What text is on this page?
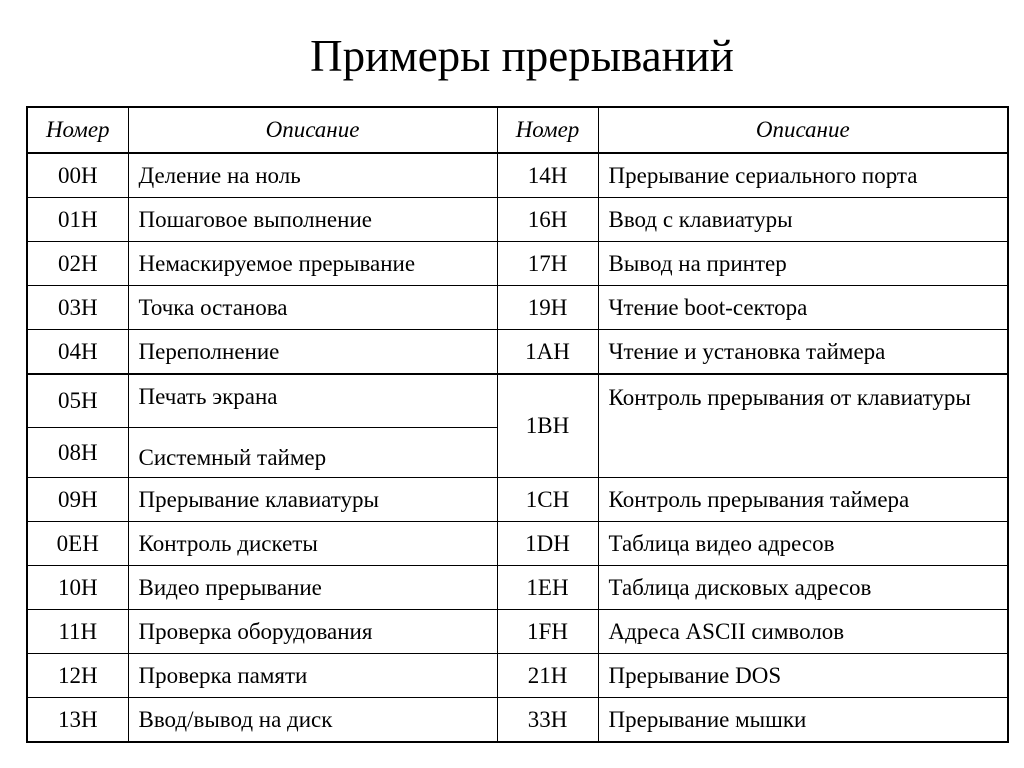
Примеры прерываний
Номер	Описание	Номер	Описание
00H	Деление на ноль	14H	Прерывание сериального порта
01H	Пошаговое выполнение	16H	Ввод с клавиатуры
02H	Немаскируемое прерывание	17H	Вывод на принтер
03H	Точка останова	19H	Чтение boot-сектора
04H	Переполнение	1AH	Чтение и установка таймера
05H	Печать экрана	1BH	Контроль прерывания от клавиатуры
08H	Системный таймер		
09H	Прерывание клавиатуры	1CH	Контроль прерывания таймера
0EH	Контроль дискеты	1DH	Таблица видео адресов
10H	Видео прерывание	1EH	Таблица дисковых адресов
11H	Проверка оборудования	1FH	Адреса ASCII символов
12H	Проверка памяти	21H	Прерывание DOS
13H	Ввод/вывод на диск	33H	Прерывание мышки
